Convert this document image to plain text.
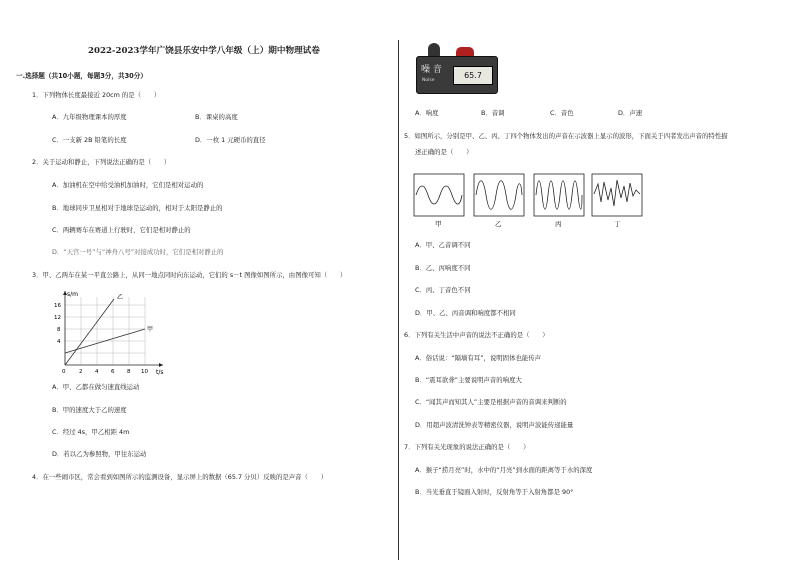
2022-2023学年广饶县乐安中学八年级（上）期中物理试卷
一.选择题（共10小题，每题3分，共30分）
1．下列物体长度最接近 20cm 的是（　　）
A．九年级物理课本的厚度	B．课桌的高度
C．一支新 2B 铅笔的长度	D．一枚 1 元硬币的直径
2．关于运动和静止，下列说法正确的是（　　）
A．加油机在空中给受油机加油时，它们是相对运动的
B．地球同步卫星相对于地球是运动的，相对于太阳是静止的
C．两辆赛车在赛道上行驶时，它们是相对静止的
D．“天宫一号”与“神舟八号”对接成功时，它们是相对静止的
3．甲、乙两车在某一平直公路上，从同一地点同时向东运动，它们的 s－t 图像如图所示，由图像可知（　　）
s/m
t/s
16
12
8
4
0 2 4 6 8 10
乙
甲
A．甲、乙都在做匀速直线运动
B．甲的速度大于乙的速度
C．经过 4s，甲乙相距 4m
D．若以乙为参照物，甲往东运动
4．在一些闹市区，常会看到如图所示的监测设备，显示屏上的数据（65.7 分贝）反映的是声音（　　）
噪 音
Noise
65.7
A．响度	B．音调	C．音色	D．声速
5．如图所示，分别是甲、乙、丙、丁四个物体发出的声音在示波器上显示的波形，下面关于四者发出声音的特性描
述正确的是（　　）
甲	乙	丙	丁
A．甲、乙音调不同
B．乙、丙响度不同
C．丙、丁音色不同
D．甲、乙、丙音调和响度都不相同
6．下列有关生活中声音的说法不正确的是（　　）
A．俗话说：“隔墙有耳”，说明固体也能传声
B．“震耳欲聋”主要说明声音的响度大
C．“闻其声而知其人”主要是根据声音的音调来判断的
D．用超声波清洗钟表等精密仪器，说明声波能传递能量
7．下列有关光现象的说法正确的是（　　）
A．猴子“捞月亮”时，水中的“月亮”到水面的距离等于水的深度
B．当光垂直于镜面入射时，反射角等于入射角都是 90°
